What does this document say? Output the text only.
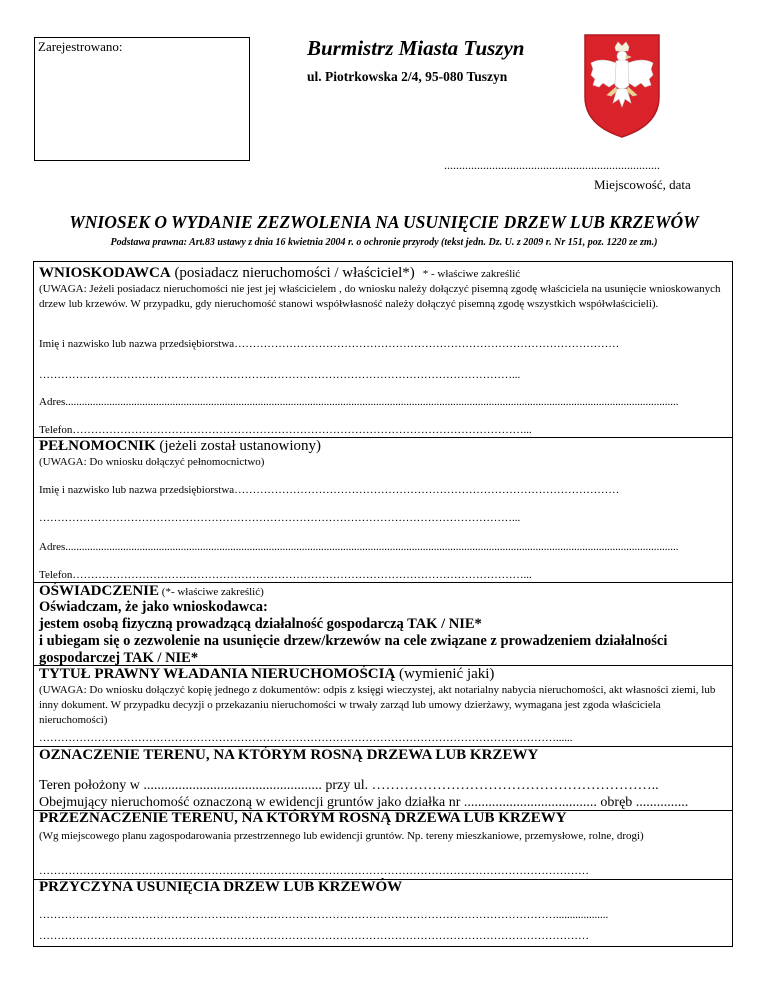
Zarejestrowano:	Burmistrz Miasta Tuszyn
ul. Piotrkowska 2/4, 95-080 Tuszyn
........................................................................
Miejscowość, data
WNIOSEK O WYDANIE ZEZWOLENIA NA USUNIĘCIE DRZEW LUB KRZEWÓW
Podstawa prawna: Art.83 ustawy z dnia 16 kwietnia 2004 r. o ochronie przyrody (tekst jedn. Dz. U. z 2009 r. Nr 151, poz. 1220 ze zm.)
WNIOSKODAWCA (posiadacz nieruchomości / właściciel*) * - właściwe zakreślić
(UWAGA: Jeżeli posiadacz nieruchomości nie jest jej właścicielem , do wniosku należy dołączyć pisemną zgodę właściciela na usunięcie wnioskowanych drzew lub krzewów. W przypadku, gdy nieruchomość stanowi współwłasność należy dołączyć pisemną zgodę wszystkich współwłaścicieli).
Imię i nazwisko lub nazwa przedsiębiorstwa……………………………………………………………………………………………
…………………………………………………………………………………………………………………...
Adres...............................................................................................................................................................................................................................
Telefon……………………………………………………………………………………………………………...
PEŁNOMOCNIK (jeżeli został ustanowiony)
(UWAGA: Do wniosku dołączyć pełnomocnictwo)
Imię i nazwisko lub nazwa przedsiębiorstwa……………………………………………………………………………………………
…………………………………………………………………………………………………………………...
Adres...............................................................................................................................................................................................................................
Telefon……………………………………………………………………………………………………………...
OŚWIADCZENIE (*- właściwe zakreślić)
Oświadczam, że jako wnioskodawca:
jestem osobą fizyczną prowadzącą działalność gospodarczą TAK / NIE*
i ubiegam się o zezwolenie na usunięcie drzew/krzewów na cele związane z prowadzeniem działalności
gospodarczej TAK / NIE*
TYTUŁ PRAWNY WŁADANIA NIERUCHOMOŚCIĄ (wymienić jaki)
(UWAGA: Do wniosku dołączyć kopię jednego z dokumentów: odpis z księgi wieczystej, akt notarialny nabycia nieruchomości, akt własności ziemi, lub inny dokument. W przypadku decyzji o przekazaniu nieruchomości w trwały zarząd lub umowy dzierżawy, wymagana jest zgoda właściciela nieruchomości)
……………………………………………………………………………………………………………………………......
OZNACZENIE TERENU, NA KTÓRYM ROSNĄ DRZEWA LUB KRZEWY
Teren położony w ................................................... przy ul. ……………………………………………………..
Obejmujący nieruchomość oznaczoną w ewidencji gruntów jako działka nr ...................................... obręb ...............
PRZEZNACZENIE TERENU, NA KTÓRYM ROSNĄ DRZEWA LUB KRZEWY
(Wg miejscowego planu zagospodarowania przestrzennego lub ewidencji gruntów. Np. tereny mieszkaniowe, przemysłowe, rolne, drogi)
……………………………………………………………………………………………………………………………………
PRZYCZYNA USUNIĘCIA DRZEW LUB KRZEWÓW
……………………………………………………………………………………………………………………………...................
……………………………………………………………………………………………………………………………………
